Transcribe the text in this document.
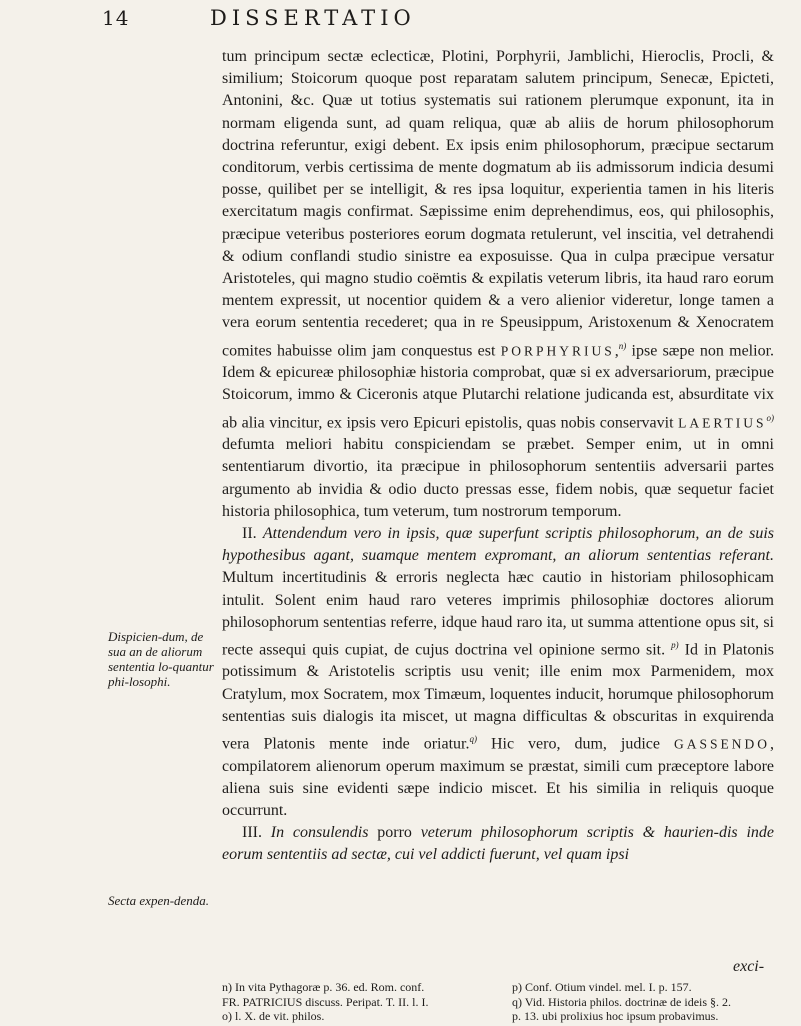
14	DISSERTATIO
Dispicien-dum, de sua an de aliorum sententia lo-quantur phi-losophi.
Secta expen-denda.

tum principum sectæ eclecticæ, Plotini, Porphyrii, Jamblichi, Hieroclis, Procli, & similium; Stoicorum quoque post reparatam salutem principum, Senecæ, Epicteti, Antonini, &c. Quæ ut totius systematis sui rationem plerumque exponunt, ita in normam eligenda sunt, ad quam reliqua, quæ ab aliis de horum philosophorum doctrina referuntur, exigi debent. Ex ipsis enim philosophorum, præcipue sectarum conditorum, verbis certissima de mente dogmatum ab iis admissorum indicia desumi posse, quilibet per se intelligit, & res ipsa loquitur, experientia tamen in his literis exercitatum magis confirmat. Sæpissime enim deprehendimus, eos, qui philosophis, præcipue veteribus posteriores eorum dogmata retulerunt, vel inscitia, vel detrahendi & odium conflandi studio sinistre ea exposuisse. Qua in culpa præcipue versatur Aristoteles, qui magno studio coëmtis & expilatis veterum libris, ita haud raro eorum mentem expressit, ut nocentior quidem & a vero alienior videretur, longe tamen a vera eorum sententia recederet; qua in re Speusippum, Aristoxenum & Xenocratem comites habuisse olim jam conquestus est PORPHYRIUS,$^{n)}$ ipse sæpe non melior. Idem & epicureæ philosophiæ historia comprobat, quæ si ex adversariorum, præcipue Stoicorum, immo & Ciceronis atque Plutarchi relatione judicanda est, absurditate vix ab alia vincitur, ex ipsis vero Epicuri epistolis, quas nobis conservavit LAERTIUS$^{o)}$ defumta meliori habitu conspiciendam se præbet. Semper enim, ut in omni sententiarum divortio, ita præcipue in philosophorum sententiis adversarii partes argumento ab invidia & odio ducto pressas esse, fidem nobis, quæ sequetur faciet historia philosophica, tum veterum, tum nostrorum temporum.

II. Attendendum vero in ipsis, quæ superfunt scriptis philosophorum, an de suis hypothesibus agant, suamque mentem expromant, an aliorum sententias referant. Multum incertitudinis & erroris neglecta hæc cautio in historiam philosophicam intulit. Solent enim haud raro veteres imprimis philosophiæ doctores aliorum philosophorum sententias referre, idque haud raro ita, ut summa attentione opus sit, si recte assequi quis cupiat, de cujus doctrina vel opinione sermo sit. $^{p)}$ Id in Platonis potissimum & Aristotelis scriptis usu venit; ille enim mox Parmenidem, mox Cratylum, mox Socratem, mox Timæum, loquentes inducit, horumque philosophorum sententias suis dialogis ita miscet, ut magna difficultas & obscuritas in exquirenda vera Platonis mente inde oriatur.$^{q)}$ Hic vero, dum, judice GASSENDO, compilatorem alienorum operum maximum se præstat, simili cum præceptore labore aliena suis sine evidenti sæpe indicio miscet. Et his similia in reliquis quoque occurrunt.

III. In consulendis porro veterum philosophorum scriptis & haurien-dis inde eorum sententiis ad sectæ, cui vel addicti fuerunt, vel quam ipsi

exci-
n) In vita Pythagoræ p. 36. ed. Rom. conf.	p) Conf. Otium vindel. mel. I. p. 157.
FR. PATRICIUS discuss. Peripat. T. II. l. I.	q) Vid. Historia philos. doctrinæ de ideis §. 2.
o) l. X. de vit. philos.	p. 13. ubi prolixius hoc ipsum probavimus.
